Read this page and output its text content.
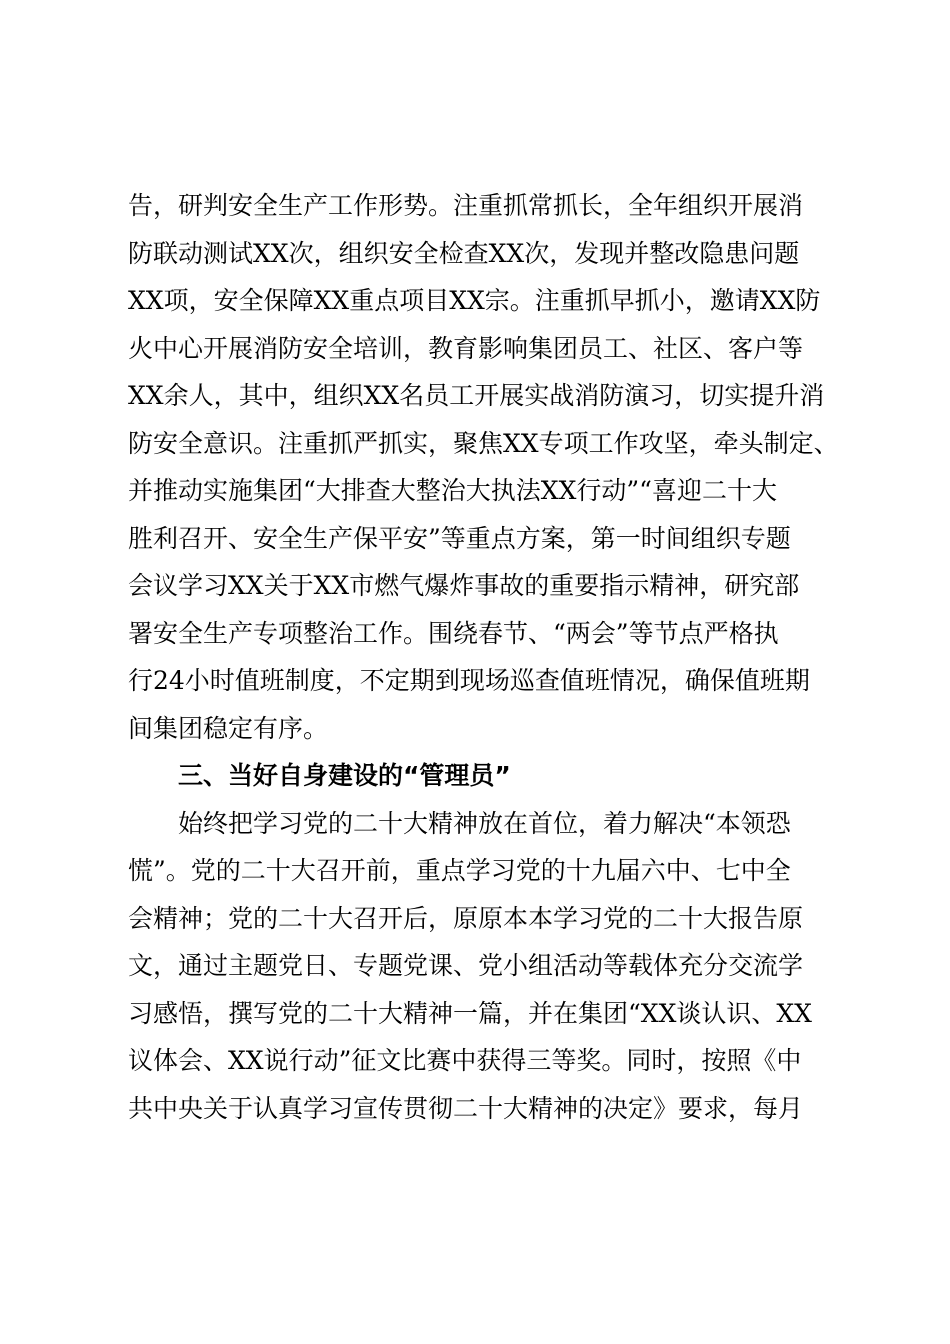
告，研判安全生产工作形势。注重抓常抓长，全年组织开展消
防联动测试XX次，组织安全检查XX次，发现并整改隐患问题
XX项，安全保障XX重点项目XX宗。注重抓早抓小，邀请XX防
火中心开展消防安全培训，教育影响集团员工、社区、客户等
XX余人，其中，组织XX名员工开展实战消防演习，切实提升消
防安全意识。注重抓严抓实，聚焦XX专项工作攻坚，牵头制定、
并推动实施集团“大排查大整治大执法XX行动”“喜迎二十大
胜利召开、安全生产保平安”等重点方案，第一时间组织专题
会议学习XX关于XX市燃气爆炸事故的重要指示精神，研究部
署安全生产专项整治工作。围绕春节、“两会”等节点严格执
行24小时值班制度，不定期到现场巡查值班情况，确保值班期
间集团稳定有序。
三、当好自身建设的“管理员”
始终把学习党的二十大精神放在首位，着力解决“本领恐
慌”。党的二十大召开前，重点学习党的十九届六中、七中全
会精神；党的二十大召开后，原原本本学习党的二十大报告原
文，通过主题党日、专题党课、党小组活动等载体充分交流学
习感悟，撰写党的二十大精神一篇，并在集团“XX谈认识、XX
议体会、XX说行动”征文比赛中获得三等奖。同时，按照《中
共中央关于认真学习宣传贯彻二十大精神的决定》要求，每月
